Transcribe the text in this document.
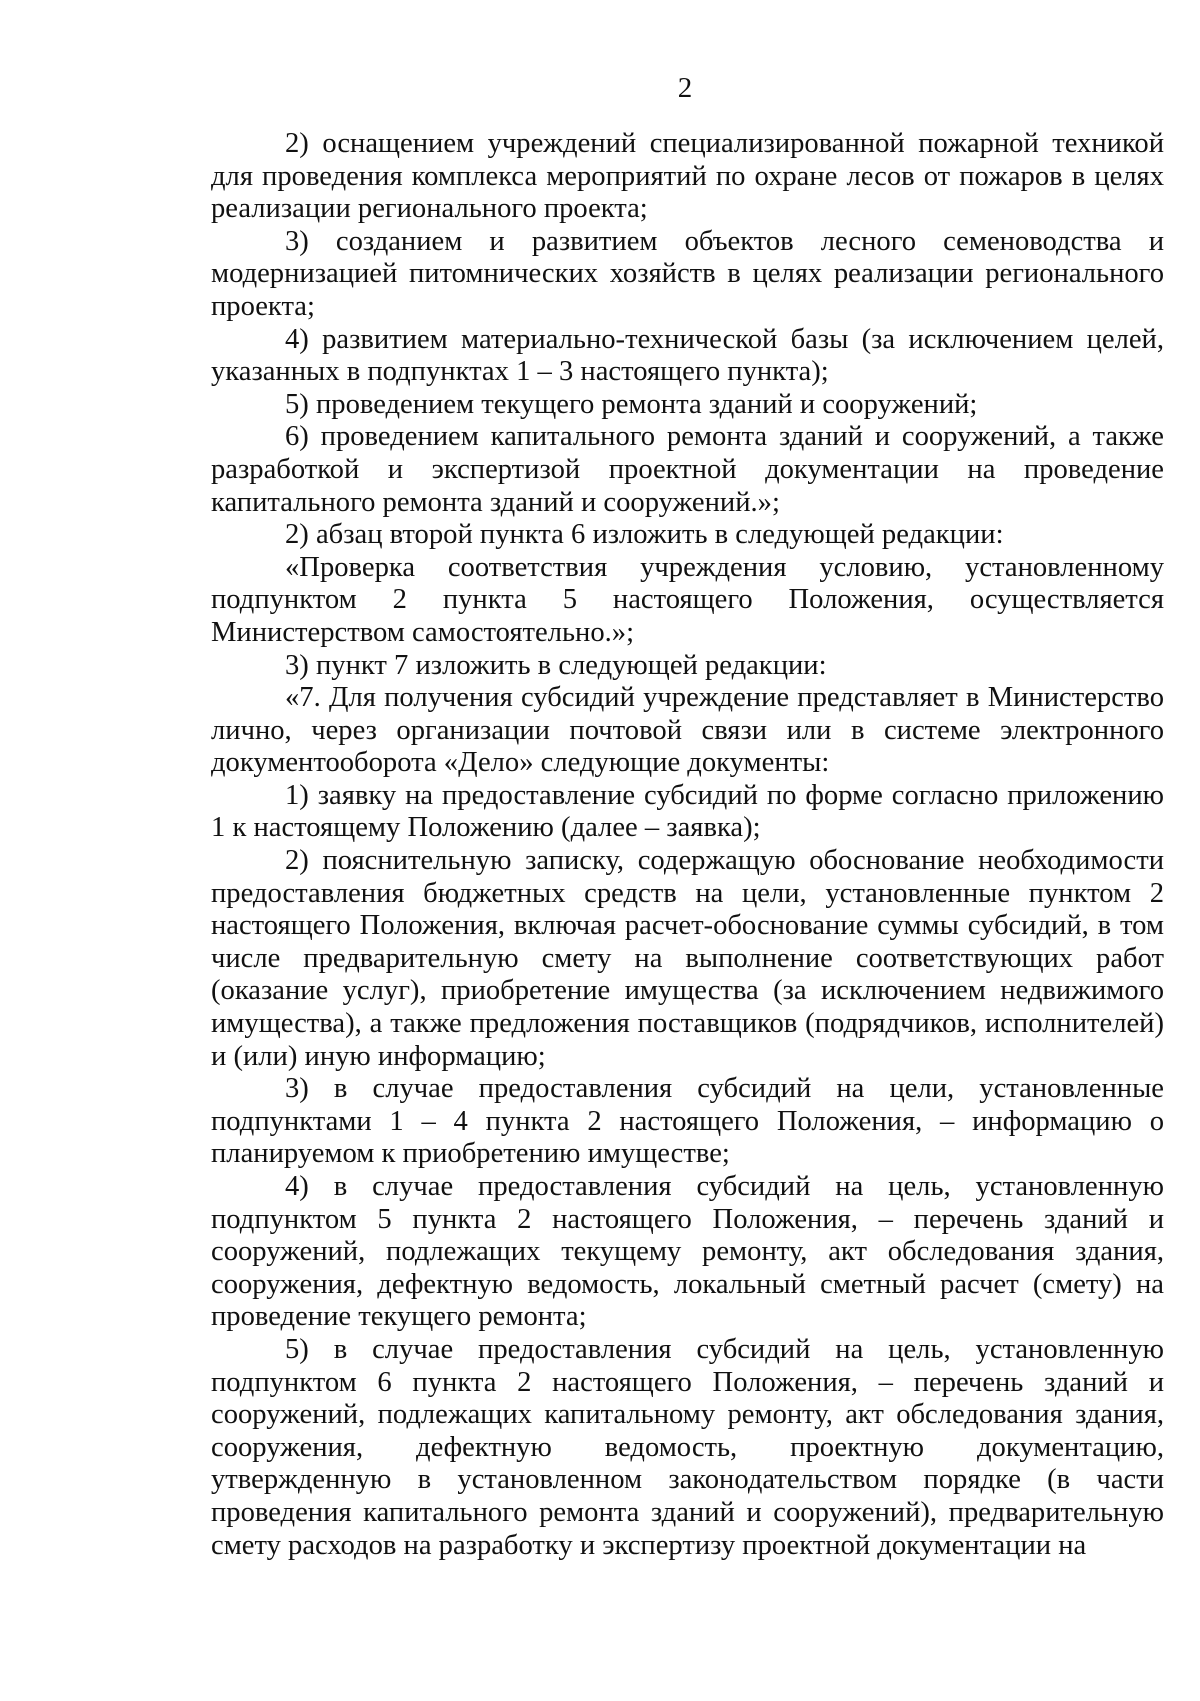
2

2) оснащением учреждений специализированной пожарной техникой для проведения комплекса мероприятий по охране лесов от пожаров в целях реализации регионального проекта;

3) созданием и развитием объектов лесного семеноводства и модернизацией питомнических хозяйств в целях реализации регионального проекта;

4) развитием материально-технической базы (за исключением целей, указанных в подпунктах 1 – 3 настоящего пункта);

5) проведением текущего ремонта зданий и сооружений;

6) проведением капитального ремонта зданий и сооружений, а также разработкой и экспертизой проектной документации на проведение капитального ремонта зданий и сооружений.»;

2) абзац второй пункта 6 изложить в следующей редакции:

«Проверка соответствия учреждения условию, установленному подпунктом 2 пункта 5 настоящего Положения, осуществляется Министерством самостоятельно.»;

3) пункт 7 изложить в следующей редакции:

«7. Для получения субсидий учреждение представляет в Министерство лично, через организации почтовой связи или в системе электронного документооборота «Дело» следующие документы:

1) заявку на предоставление субсидий по форме согласно приложению 1 к настоящему Положению (далее – заявка);

2) пояснительную записку, содержащую обоснование необходимости предоставления бюджетных средств на цели, установленные пунктом 2 настоящего Положения, включая расчет-обоснование суммы субсидий, в том числе предварительную смету на выполнение соответствующих работ (оказание услуг), приобретение имущества (за исключением недвижимого имущества), а также предложения поставщиков (подрядчиков, исполнителей) и (или) иную информацию;

3) в случае предоставления субсидий на цели, установленные подпунктами 1 – 4 пункта 2 настоящего Положения, – информацию о планируемом к приобретению имуществе;

4) в случае предоставления субсидий на цель, установленную подпунктом 5 пункта 2 настоящего Положения, – перечень зданий и сооружений, подлежащих текущему ремонту, акт обследования здания, сооружения, дефектную ведомость, локальный сметный расчет (смету) на проведение текущего ремонта;

5) в случае предоставления субсидий на цель, установленную подпунктом 6 пункта 2 настоящего Положения, – перечень зданий и сооружений, подлежащих капитальному ремонту, акт обследования здания, сооружения, дефектную ведомость, проектную документацию, утвержденную в установленном законодательством порядке (в части проведения капитального ремонта зданий и сооружений), предварительную смету расходов на разработку и экспертизу проектной документации на
